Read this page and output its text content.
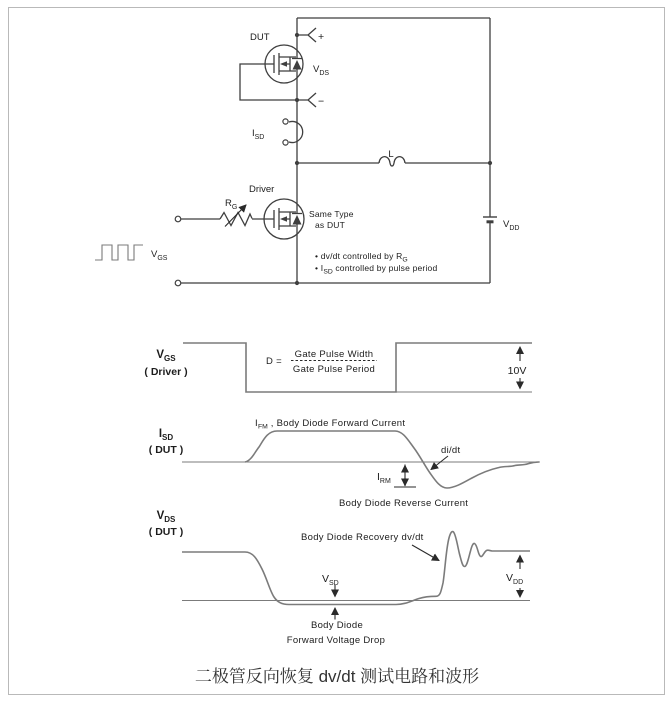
DUT	+
−
VDS
ISD
L
Driver
RG
Same Type
as DUT
VGS	• dv/dt controlled by RG
• ISD controlled by pulse period
VDD
VGS
( Driver )
D =
Gate Pulse Width
Gate Pulse Period	10V
ISD
( DUT )
IFM , Body Diode Forward Current
di/dt
IRM
Body Diode Reverse Current
VDS
( DUT )	Body Diode Recovery dv/dt
VSD	VDD
Body Diode
Forward Voltage Drop
二极管反向恢复 dv/dt 测试电路和波形
